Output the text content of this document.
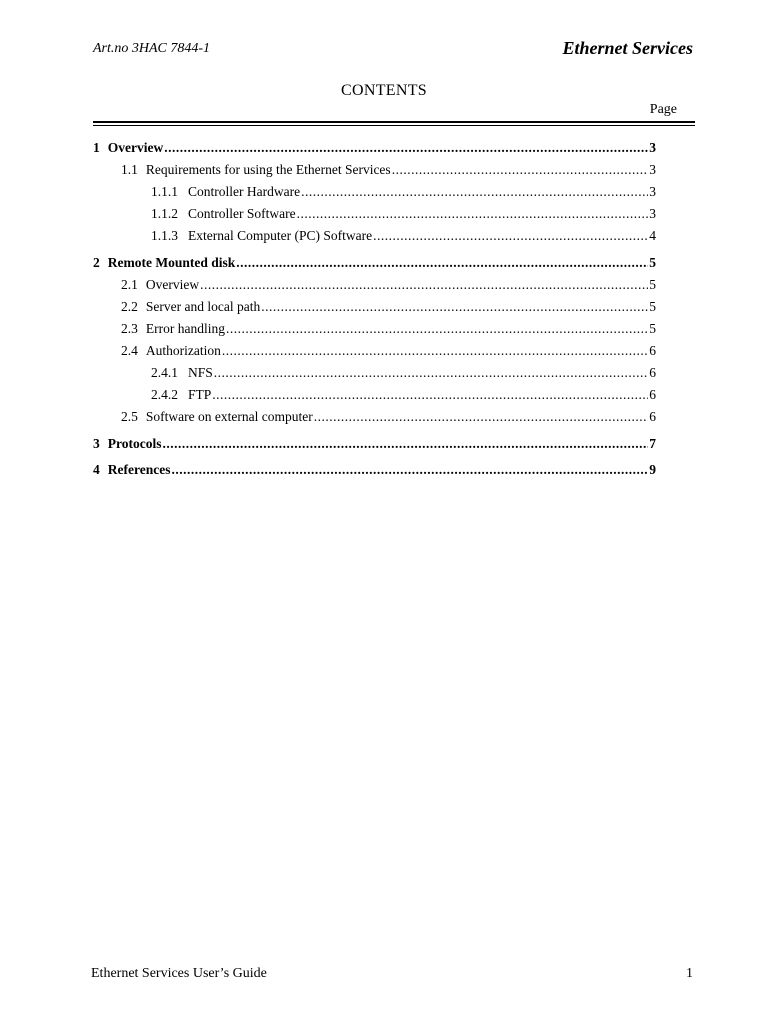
Art.no 3HAC 7844-1	Ethernet Services
CONTENTS
Page
1 Overview .....	3
1.1 Requirements for using the Ethernet Services .....	3
1.1.1 Controller Hardware .....	3
1.1.2 Controller Software .....	3
1.1.3 External Computer (PC) Software .....	4
2 Remote Mounted disk .....	5
2.1 Overview .....	5
2.2 Server and local path .....	5
2.3 Error handling .....	5
2.4 Authorization .....	6
2.4.1 NFS .....	6
2.4.2 FTP .....	6
2.5 Software on external computer .....	6
3 Protocols .....	7
4 References .....	9
Ethernet Services User’s Guide	1
